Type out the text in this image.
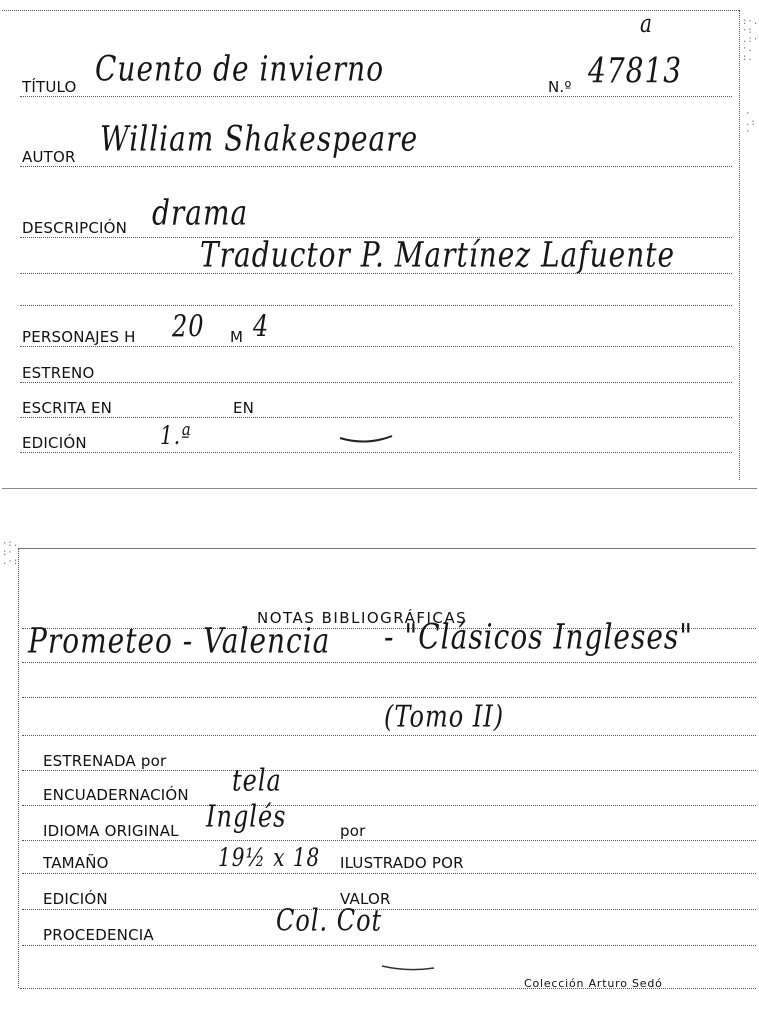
a
TÍTULO Cuento de invierno	N.º 47813
AUTOR William Shakespeare
DESCRIPCIÓN drama
Traductor P. Martínez Lafuente
PERSONAJES H 20 M 4
ESTRENO
ESCRITA EN	EN
EDICIÓN	1.ª
:·.
·:
.:·
·.
:.
·
.:
·
·:.
:·
.·:
NOTAS BIBLIOGRÁFICAS
Prometeo - Valencia - "Clásicos Ingleses"
(Tomo II)
ESTRENADA por
ENCUADERNACIÓN tela
IDIOMA ORIGINAL Inglés	por
TAMAÑO	19½ x 18 ILUSTRADO POR
EDICIÓN	VALOR
PROCEDENCIA	Col. Cot
Colección Arturo Sedó
